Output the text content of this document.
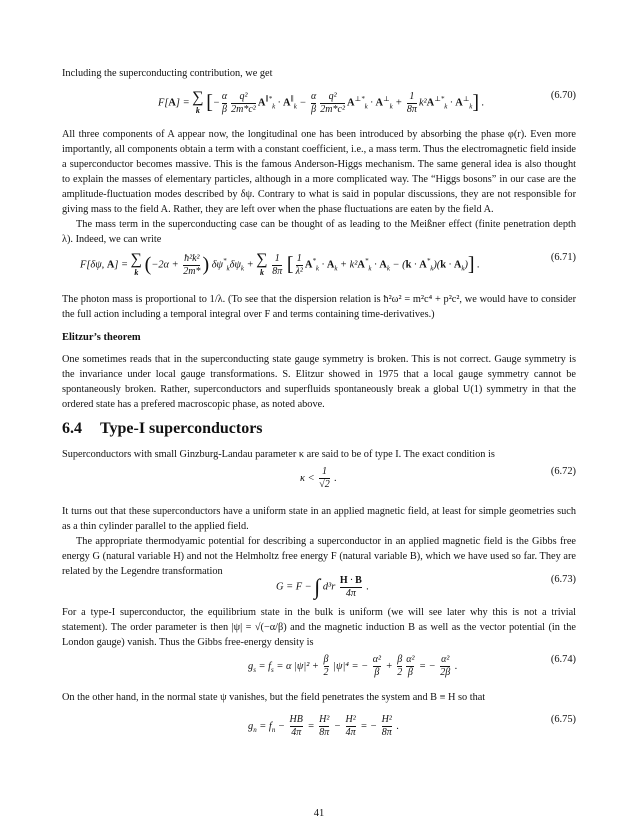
Including the superconducting contribution, we get

F[A] = ∑
k [− $\frac{\alpha}{\beta} \frac{\text{q²}}{\text{2m*c²}} A^{\parallel*}_k \cdot A^\parallel_k - \frac{\alpha}{\beta} \frac{\text{q²}}{\text{2m*c²}} A^{\perp*}_k \cdot A^\perp_k + \frac{1}{8\pi} k^2A^{\perp*}_k \cdot A^\perp_k$] .
(6.70)

All three components of A appear now, the longitudinal one has been introduced by absorbing the phase φ(r). Even more importantly, all components obtain a term with a constant coefficient, i.e., a mass term. Thus the electromagnetic field inside a superconductor becomes massive. This is the famous Anderson-Higgs mechanism. The same general idea is also thought to explain the masses of elementary particles, although in a more complicated way. The “Higgs bosons” in our case are the amplitude-fluctuation modes described by δψ. Contrary to what is said in popular discussions, they are not responsible for giving mass to the field A. Rather, they are left over when the phase fluctuations are eaten by the field A.

The mass term in the superconducting case can be thought of as leading to the Meißner effect (finite penetration depth λ). Indeed, we can write

F[δψ, A] = ∑
k ($-2\alpha + \frac{\text{ħ²k²}}{2m*}$ ) $\delta\psi^*_k\delta\psi_k$ + ∑
k
$\frac{1}{8\pi}$ [ $\frac{1}{\text{λ²}} A^*_k \cdot A_k + k^2A^*_k \cdot A_k - (k \cdot A^*_k)(k \cdot A_k)$] .
(6.71)

The photon mass is proportional to 1/λ. (To see that the dispersion relation is ħ²ω² = m²c⁴ + p²c², we would have to consider the full action including a temporal integral over F and terms containing time-derivatives.)

Elitzur’s theorem

One sometimes reads that in the superconducting state gauge symmetry is broken. This is not correct. Gauge symmetry is the invariance under local gauge transformations. S. Elitzur showed in 1975 that a local gauge symmetry cannot be spontaneously broken. Rather, superconductors and superfluids spontaneously break a global U(1) symmetry in that the ordered state has a prefered macroscopic phase, as noted above.

6.4 Type-I superconductors

Superconductors with small Ginzburg-Landau parameter κ are said to be of type I. The exact condition is

$\kappa < \frac{1}{√2}$ .
(6.72)

It turns out that these superconductors have a uniform state in an applied magnetic field, at least for simple geometries such as a thin cylinder parallel to the applied field.

The appropriate thermodyamic potential for describing a superconductor in an applied magnetic field is the Gibbs free energy G (natural variable H) and not the Helmholtz free energy F (natural variable B), which we have used so far. They are related by the Legendre transformation

G = F − ∫ $d^3r \frac{H \cdot B}{4\pi}$ .
(6.73)

For a type-I superconductor, the equilibrium state in the bulk is uniform (we will see later why this is not a trivial statement). The order parameter is then |ψ| = √(−α/β) and the magnetic induction B as well as the vector potential (in the London gauge) vanish. Thus the Gibbs free-energy density is

$g_s = f_s = \alpha$ $|\psi|^2 + \frac{\beta}{2} |\psi|^4$ = − $\frac{\text{α²}}{\beta} + \frac{\beta}{2} \frac{\text{α²}}{\beta}$ = − $\frac{\text{α²}}{2\beta}$ .
(6.74)

On the other hand, in the normal state ψ vanishes, but the field penetrates the system and B ≡ H so that

$g_n = f_n - \frac{HB}{4\pi} = \frac{\text{H²}}{8\pi} - \frac{\text{H²}}{4\pi}$ = − $\frac{\text{H²}}{8\pi}$ .
(6.75)
41
